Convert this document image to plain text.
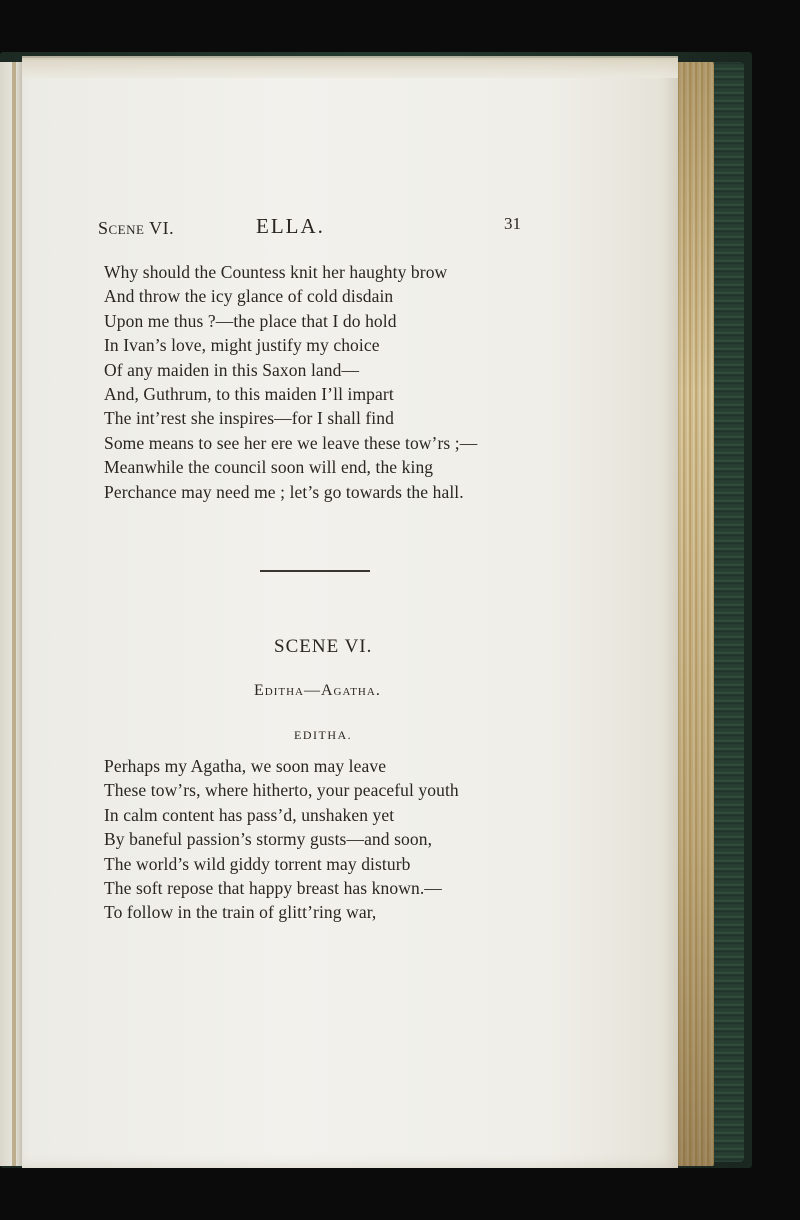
Scene VI.	ELLA.	31
Why should the Countess knit her haughty brow
And throw the icy glance of cold disdain
Upon me thus ?—the place that I do hold
In Ivan’s love, might justify my choice
Of any maiden in this Saxon land—
And, Guthrum, to this maiden I’ll impart
The int’rest she inspires—for I shall find
Some means to see her ere we leave these tow’rs ;—
Meanwhile the council soon will end, the king
Perchance may need me ; let’s go towards the hall.
SCENE VI.
Editha—Agatha.
EDITHA.
Perhaps my Agatha, we soon may leave
These tow’rs, where hitherto, your peaceful youth
In calm content has pass’d, unshaken yet
By baneful passion’s stormy gusts—and soon,
The world’s wild giddy torrent may disturb
The soft repose that happy breast has known.—
To follow in the train of glitt’ring war,
